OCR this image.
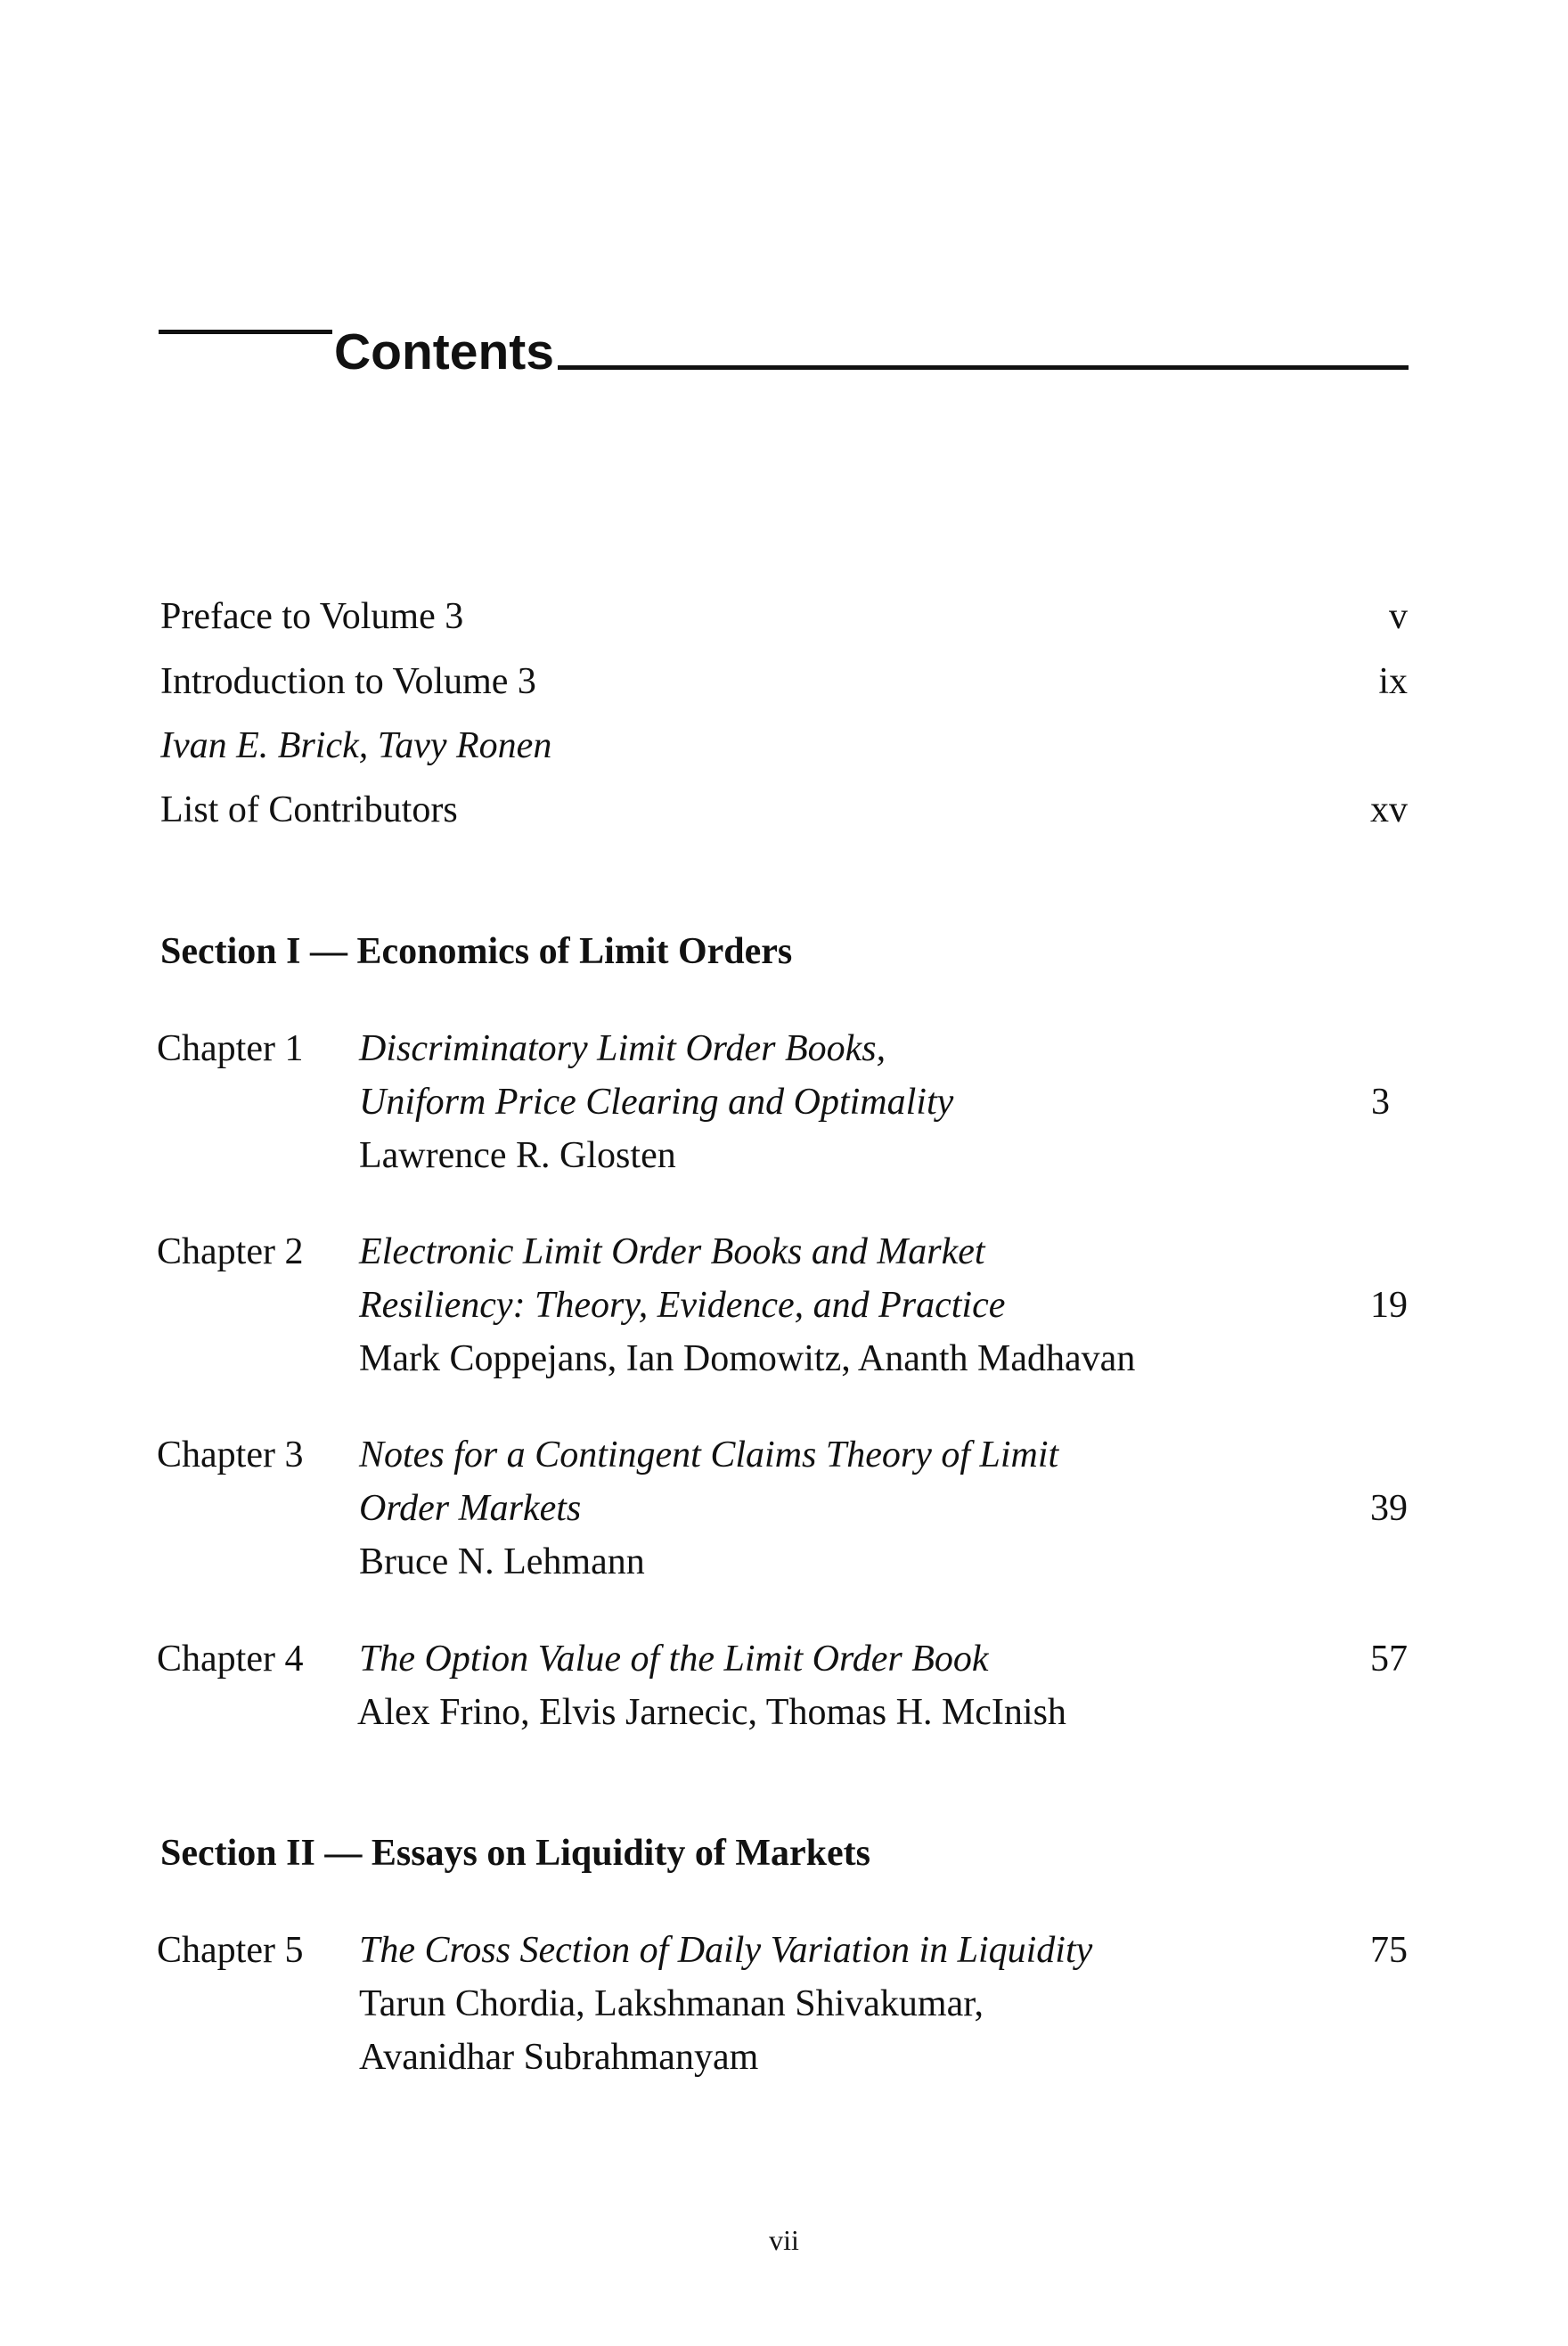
Contents
Preface to Volume 3	v
Introduction to Volume 3	ix
Ivan E. Brick, Tavy Ronen
List of Contributors	xv
Section I — Economics of Limit Orders
Chapter 1 Discriminatory Limit Order Books,
Uniform Price Clearing and Optimality	3
Lawrence R. Glosten
Chapter 2 Electronic Limit Order Books and Market
Resiliency: Theory, Evidence, and Practice	19
Mark Coppejans, Ian Domowitz, Ananth Madhavan
Chapter 3 Notes for a Contingent Claims Theory of Limit
Order Markets	39
Bruce N. Lehmann
Chapter 4 The Option Value of the Limit Order Book	57
Alex Frino, Elvis Jarnecic, Thomas H. McInish
Section II — Essays on Liquidity of Markets
Chapter 5 The Cross Section of Daily Variation in Liquidity	75
Tarun Chordia, Lakshmanan Shivakumar,
Avanidhar Subrahmanyam
vii
